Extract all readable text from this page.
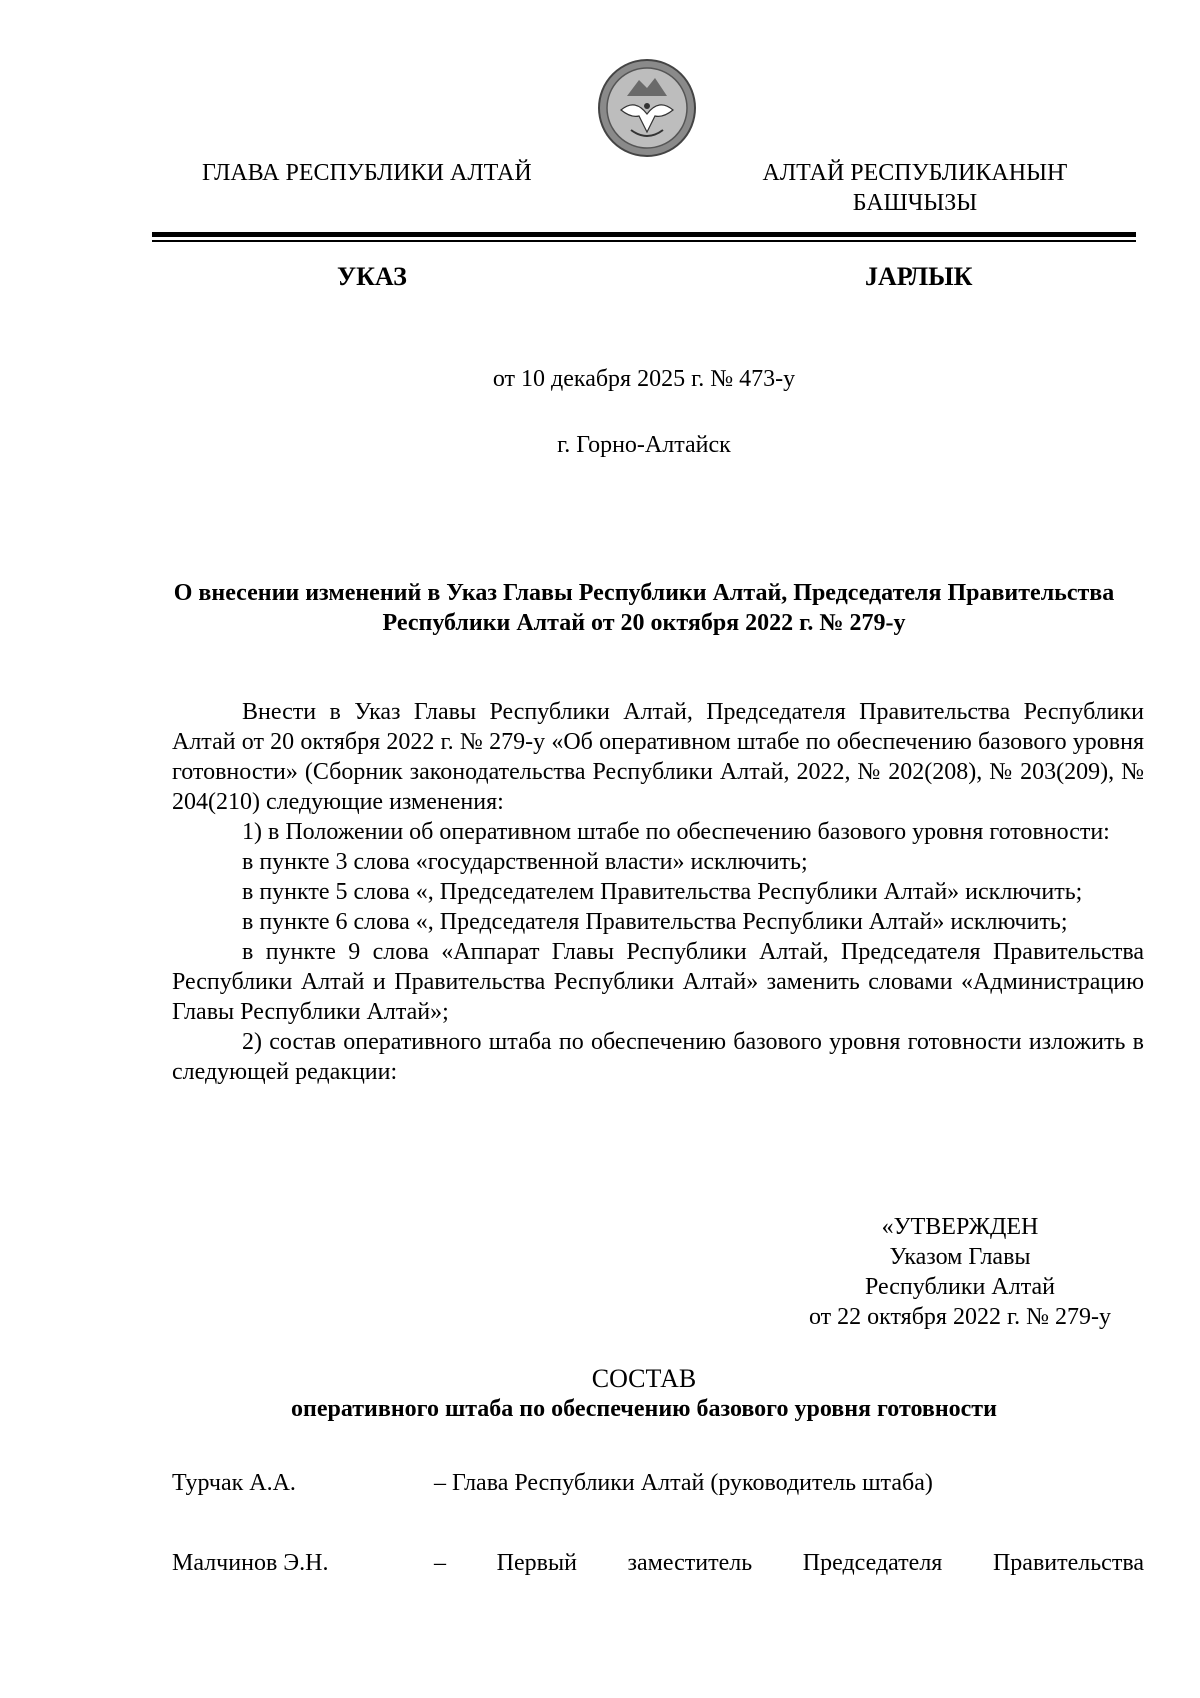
ГЛАВА РЕСПУБЛИКИ АЛТАЙ	АЛТАЙ РЕСПУБЛИКАНЫҤ
БАШЧЫЗЫ
УКАЗ	JАРЛЫК
от 10 декабря 2025 г. № 473-у
г. Горно-Алтайск
О внесении изменений в Указ Главы Республики Алтай, Председателя Правительства
Республики Алтай от 20 октября 2022 г. № 279-у

Внести в Указ Главы Республики Алтай, Председателя Правительства Республики Алтай от 20 октября 2022 г. № 279-у «Об оперативном штабе по обеспечению базового уровня готовности» (Сборник законодательства Республики Алтай, 2022, № 202(208), № 203(209), № 204(210) следующие изменения:

1) в Положении об оперативном штабе по обеспечению базового уровня готовности:

в пункте 3 слова «государственной власти» исключить;

в пункте 5 слова «, Председателем Правительства Республики Алтай» исключить;

в пункте 6 слова «, Председателя Правительства Республики Алтай» исключить;

в пункте 9 слова «Аппарат Главы Республики Алтай, Председателя Правительства Республики Алтай и Правительства Республики Алтай» заменить словами «Администрацию Главы Республики Алтай»;

2) состав оперативного штаба по обеспечению базового уровня готовности изложить в следующей редакции:

«УТВЕРЖДЕН
Указом Главы
Республики Алтай
от 22 октября 2022 г. № 279-у
СОСТАВ
оперативного штаба по обеспечению базового уровня готовности
Турчак А.А.	– Глава Республики Алтай (руководитель штаба)
Малчинов Э.Н.	– Первый заместитель Председателя Правительства
